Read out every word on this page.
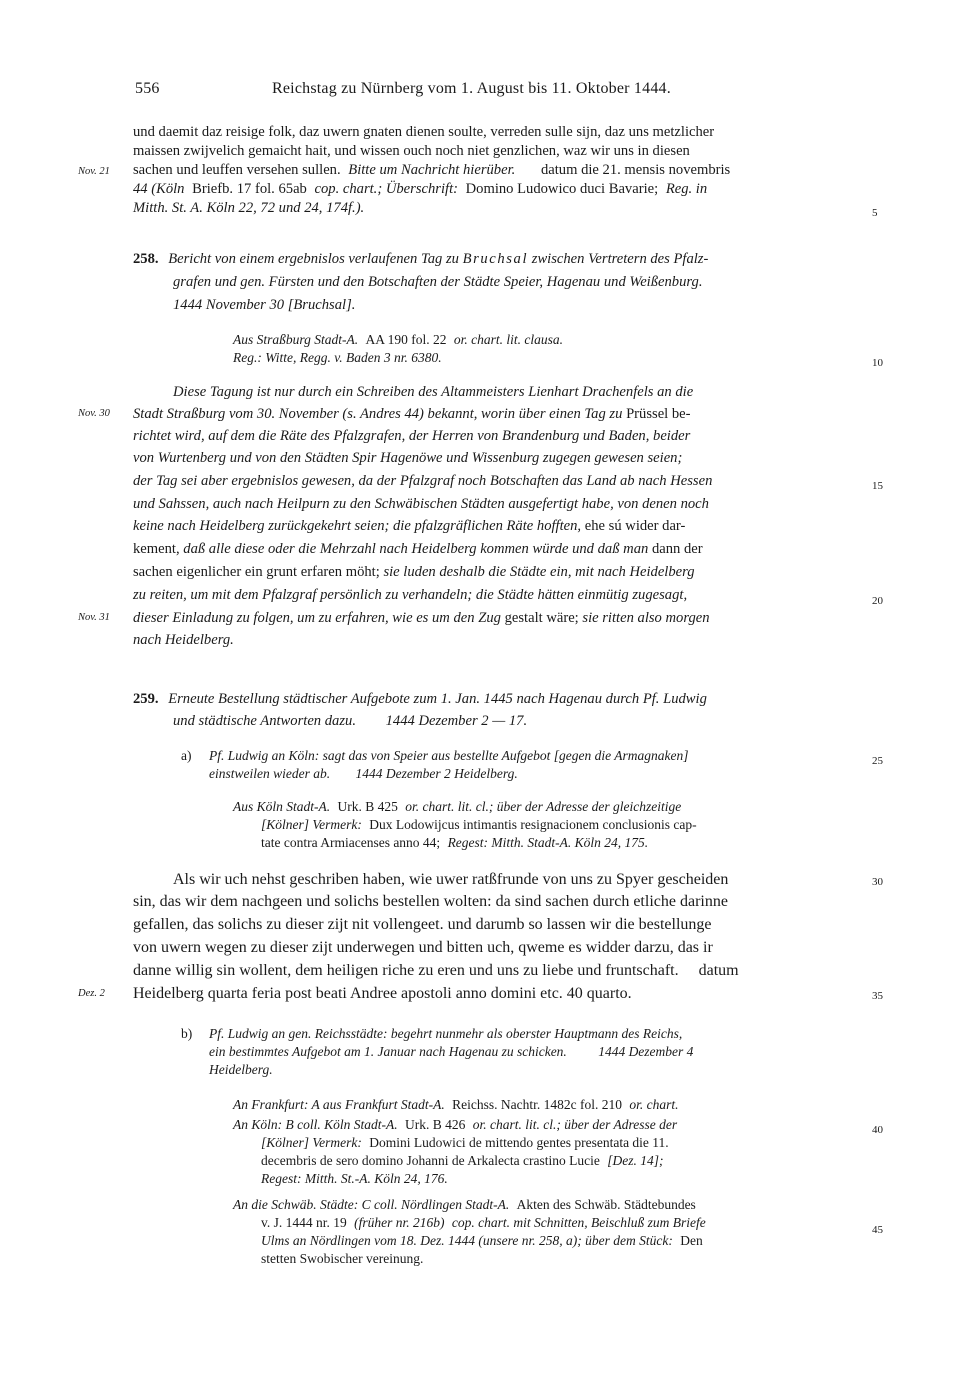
556	Reichstag zu Nürnberg vom 1. August bis 11. Oktober 1444.
und daemit daz reisige folk, daz uwern gnaten dienen soulte, verreden sulle sijn, daz uns metzlicher
maissen zwijvelich gemaicht hait, und wissen ouch noch niet genzlichen, waz wir uns in diesen
sachen und leuffen versehen sullen. Bitte um Nachricht hierüber. datum die 21. mensis novembris
44 (Köln Briefb. 17 fol. 65ab cop. chart.; Überschrift: Domino Ludowico duci Bavarie; Reg. in
Mitth. St. A. Köln 22, 72 und 24, 174f.).
Nov. 21
5
258. Bericht von einem ergebnislos verlaufenen Tag zu Bruchsal zwischen Vertretern des Pfalz-
grafen und gen. Fürsten und den Botschaften der Städte Speier, Hagenau und Weißenburg.
1444 November 30 [Bruchsal].
Aus Straßburg Stadt-A. AA 190 fol. 22 or. chart. lit. clausa.
Reg.: Witte, Regg. v. Baden 3 nr. 6380.
Diese Tagung ist nur durch ein Schreiben des Altammeisters Lienhart Drachenfels an die
Stadt Straßburg vom 30. November (s. Andres 44) bekannt, worin über einen Tag zu Prüssel be-
richtet wird, auf dem die Räte des Pfalzgrafen, der Herren von Brandenburg und Baden, beider
von Wurtenberg und von den Städten Spir Hagenöwe und Wissenburg zugegen gewesen seien;
der Tag sei aber ergebnislos gewesen, da der Pfalzgraf noch Botschaften das Land ab nach Hessen
und Sahssen, auch nach Heilpurn zu den Schwäbischen Städten ausgefertigt habe, von denen noch
keine nach Heidelberg zurückgekehrt seien; die pfalzgräflichen Räte hofften, ehe sú wider dar-
kement, daß alle diese oder die Mehrzahl nach Heidelberg kommen würde und daß man dann der
sachen eigenlicher ein grunt erfaren möht; sie luden deshalb die Städte ein, mit nach Heidelberg
zu reiten, um mit dem Pfalzgraf persönlich zu verhandeln; die Städte hätten einmütig zugesagt,
dieser Einladung zu folgen, um zu erfahren, wie es um den Zug gestalt wäre; sie ritten also morgen
nach Heidelberg.
Nov. 30
Nov. 31
10
15
20
259. Erneute Bestellung städtischer Aufgebote zum 1. Jan. 1445 nach Hagenau durch Pf. Ludwig
und städtische Antworten dazu. 1444 Dezember 2 — 17.
a) Pf. Ludwig an Köln: sagt das von Speier aus bestellte Aufgebot [gegen die Armagnaken]
einstweilen wieder ab. 1444 Dezember 2 Heidelberg.
Aus Köln Stadt-A. Urk. B 425 or. chart. lit. cl.; über der Adresse der gleichzeitige
[Kölner] Vermerk: Dux Lodowijcus intimantis resignacionem conclusionis cap-
tate contra Armiacenses anno 44; Regest: Mitth. Stadt-A. Köln 24, 175.
Als wir uch nehst geschriben haben, wie uwer ratßfrunde von uns zu Spyer gescheiden
sin, das wir dem nachgeen und solichs bestellen wolten: da sind sachen durch etliche darinne
gefallen, das solichs zu dieser zijt nit vollengeet. und darumb so lassen wir die bestellunge
von uwern wegen zu dieser zijt underwegen und bitten uch, qweme es widder darzu, das ir
danne willig sin wollent, dem heiligen riche zu eren und uns zu liebe und fruntschaft. datum
Heidelberg quarta feria post beati Andree apostoli anno domini etc. 40 quarto.
b) Pf. Ludwig an gen. Reichsstädte: begehrt nunmehr als oberster Hauptmann des Reichs,
ein bestimmtes Aufgebot am 1. Januar nach Hagenau zu schicken. 1444 Dezember 4
Heidelberg.
An Frankfurt: A aus Frankfurt Stadt-A. Reichss. Nachtr. 1482c fol. 210 or. chart.
An Köln: B coll. Köln Stadt-A. Urk. B 426 or. chart. lit. cl.; über der Adresse der
[Kölner] Vermerk: Domini Ludowici de mittendo gentes presentata die 11.
decembris de sero domino Johanni de Arkalecta crastino Lucie [Dez. 14];
Regest: Mitth. St.-A. Köln 24, 176.
An die Schwäb. Städte: C coll. Nördlingen Stadt-A. Akten des Schwäb. Städtebundes
v. J. 1444 nr. 19 (früher nr. 216b) cop. chart. mit Schnitten, Beischluß zum Briefe
Ulms an Nördlingen vom 18. Dez. 1444 (unsere nr. 258, a); über dem Stück: Den
stetten Swobischer vereinung.
Dez. 2
25
30
35
40
45
